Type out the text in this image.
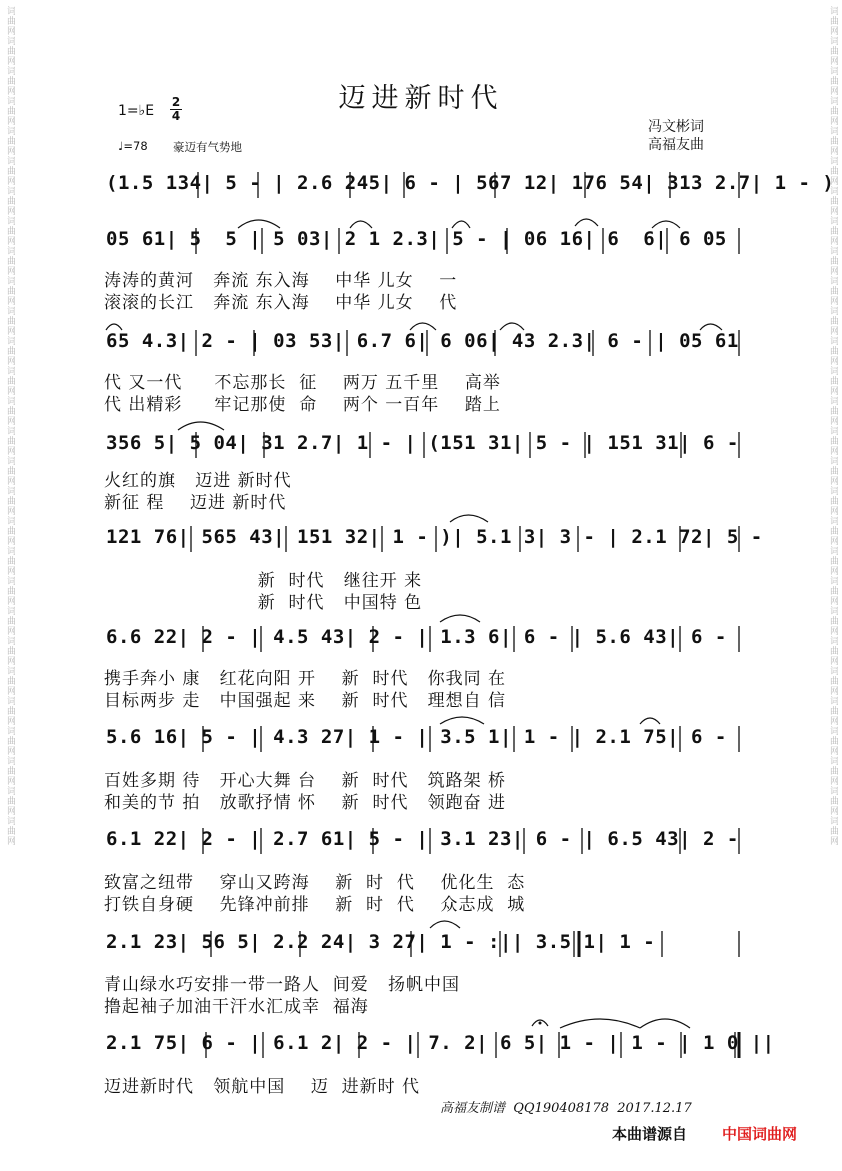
词曲网词曲网词曲网词曲网词曲网词曲网词曲网词曲网词曲网词曲网词曲网词曲网词曲网词曲网词曲网词曲网词曲网词曲网词曲网词曲网词曲网词曲网词曲网词曲网词曲网词曲网词曲网词曲网	词曲网词曲网词曲网词曲网词曲网词曲网词曲网词曲网词曲网词曲网词曲网词曲网词曲网词曲网词曲网词曲网词曲网词曲网词曲网词曲网词曲网词曲网词曲网词曲网词曲网词曲网词曲网词曲网
迈进新时代
1=♭E
2
4
♩=78 豪迈有气势地
冯文彬词
高福友曲
(1.5 134| 5 - | 2.6 245| 6 - | 567 12| 176 54| 313 2.7| 1 - )
05 61| 5  5 | 5 03| 2 1 2.3| 5 - | 06 16| 6  6| 6 05
涛涛的黄河   奔流 东入海    中华 儿女    一
滚滚的长江   奔流 东入海    中华 儿女    代
65 4.3| 2 - | 03 53| 6.7 6| 6 06| 43 2.3| 6 - | 05 61
代 又一代     不忘那长  征    两万 五千里    高举
代 出精彩     牢记那使  命    两个 一百年    踏上
356 5| 5 04| 31 2.7| 1 - | (151 31| 5 - | 151 31| 6 -
火红的旗   迈进 新时代
新征 程    迈进 新时代
121 76| 565 43| 151 32| 1 - )| 5.1 3| 3 - | 2.1 72| 5 -
新  时代   继往开 来
新  时代   中国特 色
6.6 22| 2 - | 4.5 43| 2 - | 1.3 6| 6 - | 5.6 43| 6 -
携手奔小 康   红花向阳 开    新  时代   你我同 在
目标两步 走   中国强起 来    新  时代   理想自 信
5.6 16| 5 - | 4.3 27| 1 - | 3.5 1| 1 - | 2.1 75| 6 -
百姓多期 待   开心大舞 台    新  时代   筑路架 桥
和美的节 拍   放歌抒情 怀    新  时代   领跑奋 进
6.1 22| 2 - | 2.7 61| 5 - | 3.1 23| 6 - | 6.5 43| 2 -
致富之纽带    穿山又跨海    新  时  代    优化生  态
打铁自身硬    先锋冲前排    新  时  代    众志成  城
2.1 23| 56 5| 2.2 24| 3 27| 1 - :|| 3.5 1| 1 -
青山绿水巧安排一带一路人  间爱   扬帆中国
撸起袖子加油干汗水汇成幸  福海
2.1 75| 6 - | 6.1 2| 2 - | 7. 2| 6 5| 1 - | 1 - | 1 0 ||
迈进新时代   领航中国    迈  进新时 代
高福友制谱  QQ190408178  2017.12.17
本曲谱源自 中国词曲网
